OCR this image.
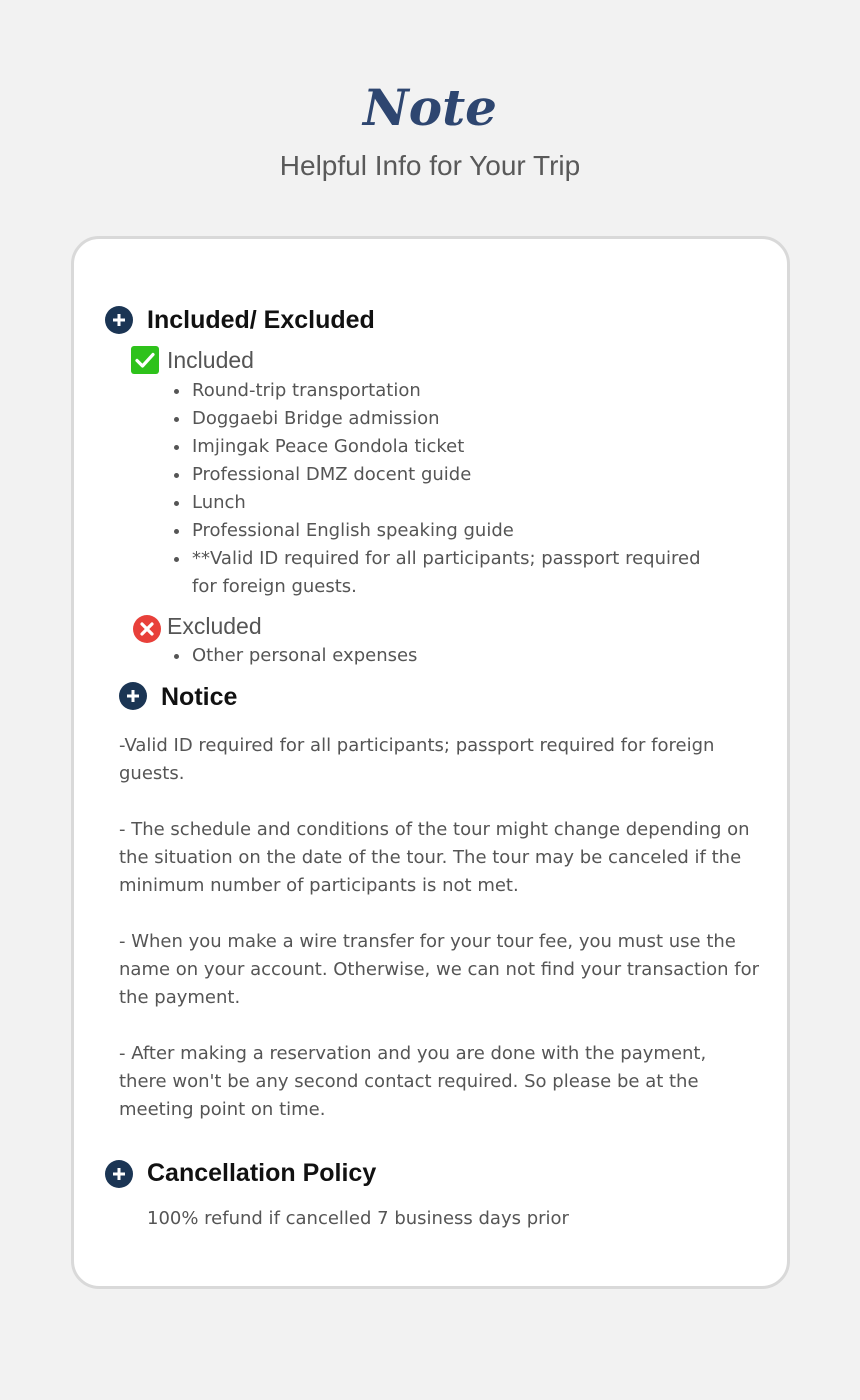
Note
Helpful Info for Your Trip
Included/ Excluded
Included
Round-trip transportation
Doggaebi Bridge admission
Imjingak Peace Gondola ticket
Professional DMZ docent guide
Lunch
Professional English speaking guide
**Valid ID required for all participants; passport required for foreign guests.
Excluded
Other personal expenses
Notice

-Valid ID required for all participants; passport required for foreign guests.

- The schedule and conditions of the tour might change depending on the situation on the date of the tour. The tour may be canceled if the minimum number of participants is not met.

- When you make a wire transfer for your tour fee, you must use the name on your account. Otherwise, we can not find your transaction for the payment.

- After making a reservation and you are done with the payment, there won't be any second contact required. So please be at the meeting point on time.

Cancellation Policy
100% refund if cancelled 7 business days prior
